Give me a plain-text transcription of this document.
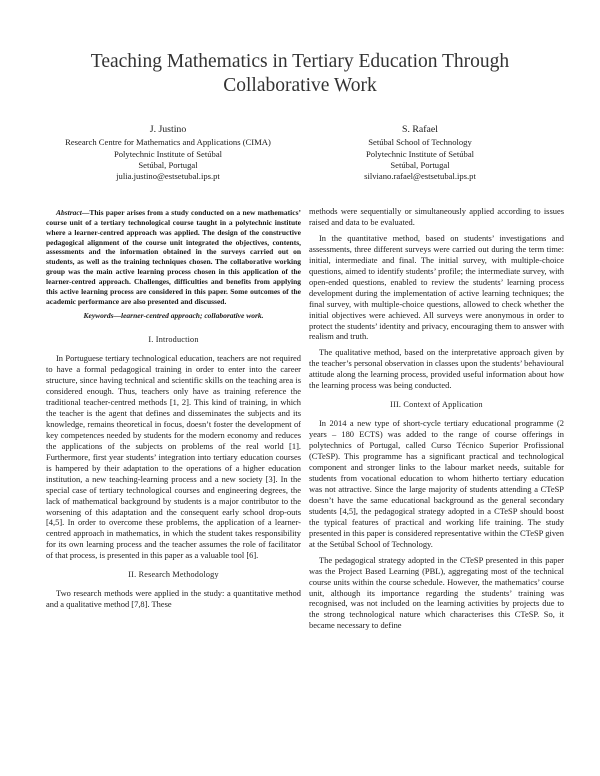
Teaching Mathematics in Tertiary Education Through Collaborative Work
J. Justino
Research Centre for Mathematics and Applications (CIMA)
Polytechnic Institute of Setúbal
Setúbal, Portugal
julia.justino@estsetubal.ips.pt
S. Rafael
Setúbal School of Technology
Polytechnic Institute of Setúbal
Setúbal, Portugal
silviano.rafael@estsetubal.ips.pt

Abstract—This paper arises from a study conducted on a new mathematics’ course unit of a tertiary technological course taught in a polytechnic institute where a learner-centred approach was applied. The design of the constructive pedagogical alignment of the course unit integrated the objectives, contents, assessments and the information obtained in the surveys carried out on students, as well as the training techniques chosen. The collaborative working group was the main active learning process chosen in this application of the learner-centred approach. Challenges, difficulties and benefits from applying this active learning process are considered in this paper. Some outcomes of the academic performance are also presented and discussed.

Keywords—learner-centred approach; collaborative work.

I. Introduction

In Portuguese tertiary technological education, teachers are not required to have a formal pedagogical training in order to enter into the career structure, since having technical and scientific skills on the teaching area is considered enough. Thus, teachers only have as training reference the traditional teacher-centred methods [1, 2]. This kind of training, in which the teacher is the agent that defines and disseminates the subjects and its knowledge, remains theoretical in focus, doesn’t foster the development of key competences needed by students for the modern economy and reduces the applications of the subjects on problems of the real world [1]. Furthermore, first year students’ integration into tertiary education courses is hampered by their adaptation to the operations of a higher education institution, a new teaching-learning process and a new society [3]. In the special case of tertiary technological courses and engineering degrees, the lack of mathematical background by students is a major contributor to the worsening of this adaptation and the consequent early school drop-outs [4,5]. In order to overcome these problems, the application of a learner-centred approach in mathematics, in which the student takes responsibility for its own learning process and the teacher assumes the role of facilitator of that process, is presented in this paper as a valuable tool [6].

II. Research Methodology

Two research methods were applied in the study: a quantitative method and a qualitative method [7,8]. These

methods were sequentially or simultaneously applied according to issues raised and data to be evaluated.

In the quantitative method, based on students’ investigations and assessments, three different surveys were carried out during the term time: initial, intermediate and final. The initial survey, with multiple-choice questions, aimed to identify students’ profile; the intermediate survey, with open-ended questions, enabled to review the students’ learning process development during the implementation of active learning techniques; the final survey, with multiple-choice questions, allowed to check whether the initial objectives were achieved. All surveys were anonymous in order to protect the students’ identity and privacy, encouraging them to answer with realism and truth.

The qualitative method, based on the interpretative approach given by the teacher’s personal observation in classes upon the students’ behavioural attitude along the learning process, provided useful information about how the learning process was being conducted.

III. Context of Application

In 2014 a new type of short-cycle tertiary educational programme (2 years – 180 ECTS) was added to the range of course offerings in polytechnics of Portugal, called Curso Técnico Superior Profissional (CTeSP). This programme has a significant practical and technological component and stronger links to the labour market needs, suitable for students from vocational education to whom hitherto tertiary education was not attractive. Since the large majority of students attending a CTeSP doesn’t have the same educational background as the general secondary students [4,5], the pedagogical strategy adopted in a CTeSP should boost the typical features of practical and working life training. The study presented in this paper is considered representative within the CTeSP given at the Setúbal School of Technology.

The pedagogical strategy adopted in the CTeSP presented in this paper was the Project Based Learning (PBL), aggregating most of the technical course units within the course schedule. However, the mathematics’ course unit, although its importance regarding the students’ training was recognised, was not included on the learning activities by projects due to the strong technological nature which characterises this CTeSP. So, it became necessary to define
